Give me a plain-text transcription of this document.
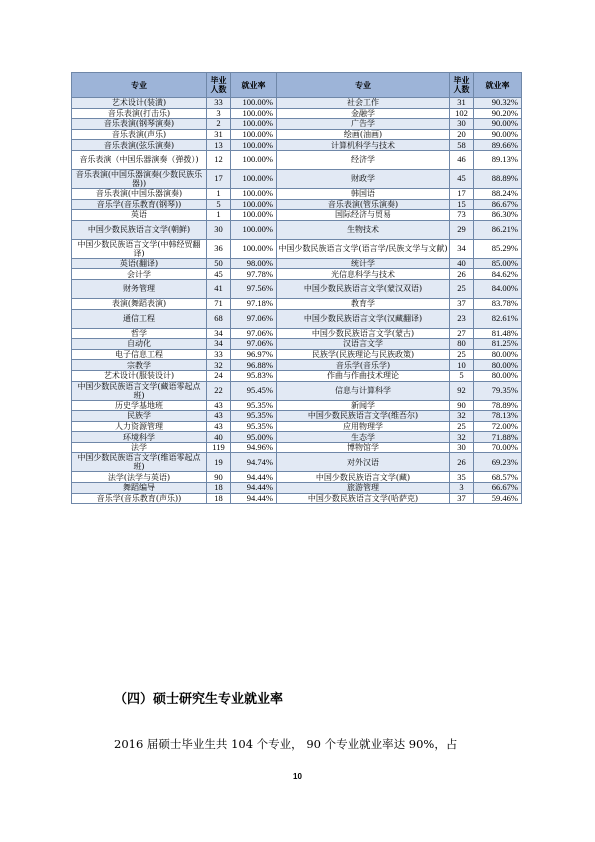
专业	毕业人数	就业率	专业	毕业人数	就业率
艺术设计(装潢)	33	100.00%	社会工作	31	90.32%
音乐表演(打击乐)	3	100.00%	金融学	102	90.20%
音乐表演(钢琴演奏)	2	100.00%	广告学	30	90.00%
音乐表演(声乐)	31	100.00%	绘画(油画)	20	90.00%
音乐表演(弦乐演奏)	13	100.00%	计算机科学与技术	58	89.66%
音乐表演（中国乐器演奏（弹拨）)	12	100.00%	经济学	46	89.13%
音乐表演(中国乐器演奏(少数民族乐器))	17	100.00%	财政学	45	88.89%
音乐表演(中国乐器演奏)	1	100.00%	韩国语	17	88.24%
音乐学(音乐教育(钢琴))	5	100.00%	音乐表演(管乐演奏)	15	86.67%
英语	1	100.00%	国际经济与贸易	73	86.30%
中国少数民族语言文学(朝鲜)	30	100.00%	生物技术	29	86.21%
中国少数民族语言文学(中韩经贸翻译)	36	100.00%	中国少数民族语言文学(语言学/民族文学与文献)	34	85.29%
英语(翻译)	50	98.00%	统计学	40	85.00%
会计学	45	97.78%	光信息科学与技术	26	84.62%
财务管理	41	97.56%	中国少数民族语言文学(蒙汉双语)	25	84.00%
表演(舞蹈表演)	71	97.18%	教育学	37	83.78%
通信工程	68	97.06%	中国少数民族语言文学(汉藏翻译)	23	82.61%
哲学	34	97.06%	中国少数民族语言文学(蒙古)	27	81.48%
自动化	34	97.06%	汉语言文学	80	81.25%
电子信息工程	33	96.97%	民族学(民族理论与民族政策)	25	80.00%
宗教学	32	96.88%	音乐学(音乐学)	10	80.00%
艺术设计(服装设计)	24	95.83%	作曲与作曲技术理论	5	80.00%
中国少数民族语言文学(藏语零起点班)	22	95.45%	信息与计算科学	92	79.35%
历史学基地班	43	95.35%	新闻学	90	78.89%
民族学	43	95.35%	中国少数民族语言文学(维吾尔)	32	78.13%
人力资源管理	43	95.35%	应用物理学	25	72.00%
环境科学	40	95.00%	生态学	32	71.88%
法学	119	94.96%	博物馆学	30	70.00%
中国少数民族语言文学(维语零起点班)	19	94.74%	对外汉语	26	69.23%
法学(法学与英语)	90	94.44%	中国少数民族语言文学(藏)	35	68.57%
舞蹈编导	18	94.44%	旅游管理	3	66.67%
音乐学(音乐教育(声乐))	18	94.44%	中国少数民族语言文学(哈萨克)	37	59.46%
（四）硕士研究生专业就业率
2016 届硕士毕业生共 104 个专业， 90 个专业就业率达 90%，占
10
